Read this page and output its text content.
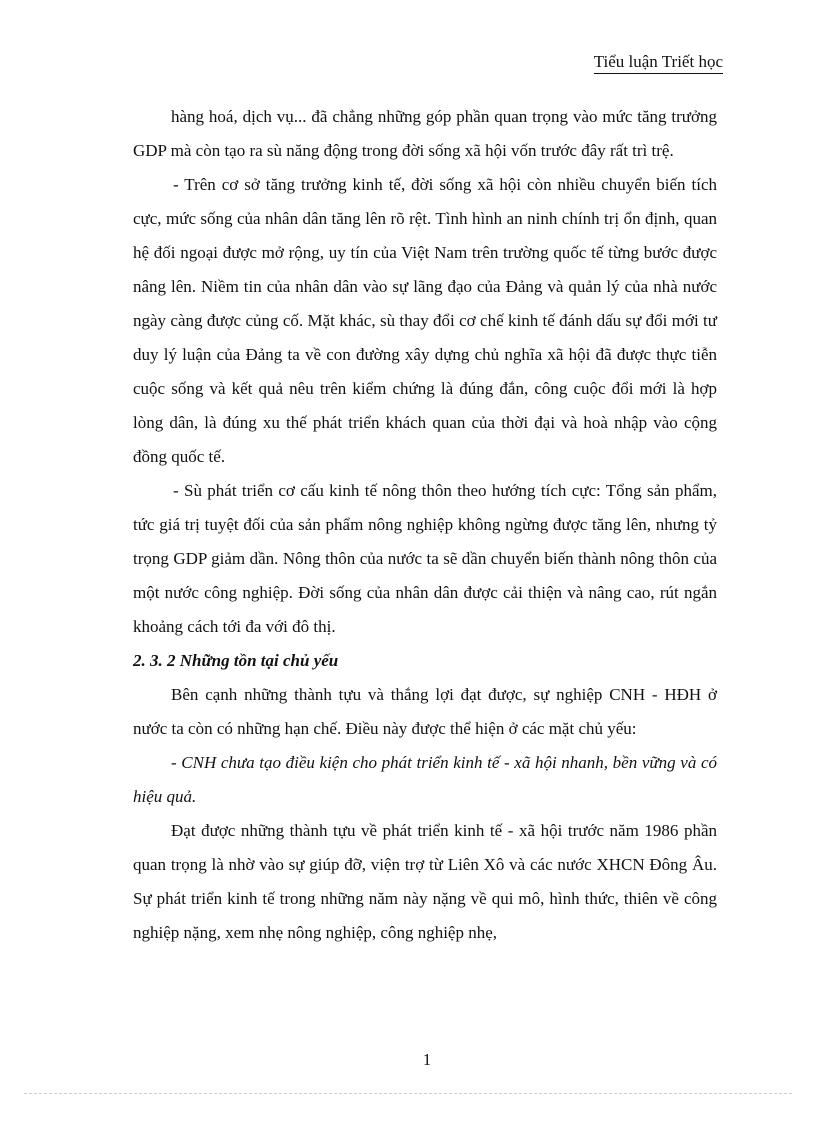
Tiểu luận Triết học

hàng hoá, dịch vụ... đã chẳng những góp phần quan trọng vào mức tăng trưởng GDP mà còn tạo ra sù năng động trong đời sống xã hội vốn trước đây rất trì trệ.

- Trên cơ sở tăng trưởng kinh tế, đời sống xã hội còn nhiều chuyển biến tích cực, mức sống của nhân dân tăng lên rõ rệt. Tình hình an ninh chính trị ổn định, quan hệ đối ngoại được mở rộng, uy tín của Việt Nam trên trường quốc tế từng bước được nâng lên. Niềm tin của nhân dân vào sự lãng đạo của Đảng và quản lý của nhà nước ngày càng được củng cố. Mặt khác, sù thay đổi cơ chế kinh tế đánh dấu sự đổi mới tư duy lý luận của Đảng ta về con đường xây dựng chủ nghĩa xã hội đã được thực tiễn cuộc sống và kết quả nêu trên kiểm chứng là đúng đắn, công cuộc đổi mới là hợp lòng dân, là đúng xu thế phát triển khách quan của thời đại và hoà nhập vào cộng đồng quốc tế.

- Sù phát triển cơ cấu kinh tế nông thôn theo hướng tích cực: Tổng sản phẩm, tức giá trị tuyệt đối của sản phẩm nông nghiệp không ngừng được tăng lên, nhưng tỷ trọng GDP giảm dần. Nông thôn của nước ta sẽ dần chuyển biến thành nông thôn của một nước công nghiệp. Đời sống của nhân dân được cải thiện và nâng cao, rút ngắn khoảng cách tới đa với đô thị.

2. 3. 2 Những tồn tại chủ yếu

Bên cạnh những thành tựu và thắng lợi đạt được, sự nghiệp CNH - HĐH ở nước ta còn có những hạn chế. Điều này được thể hiện ở các mặt chủ yếu:

- CNH chưa tạo điều kiện cho phát triển kinh tế - xã hội nhanh, bền vững và có hiệu quả.

Đạt được những thành tựu về phát triển kinh tế - xã hội trước năm 1986 phần quan trọng là nhờ vào sự giúp đỡ, viện trợ từ Liên Xô và các nước XHCN Đông Âu. Sự phát triển kinh tế trong những năm này nặng về qui mô, hình thức, thiên về công nghiệp nặng, xem nhẹ nông nghiệp, công nghiệp nhẹ,

1
